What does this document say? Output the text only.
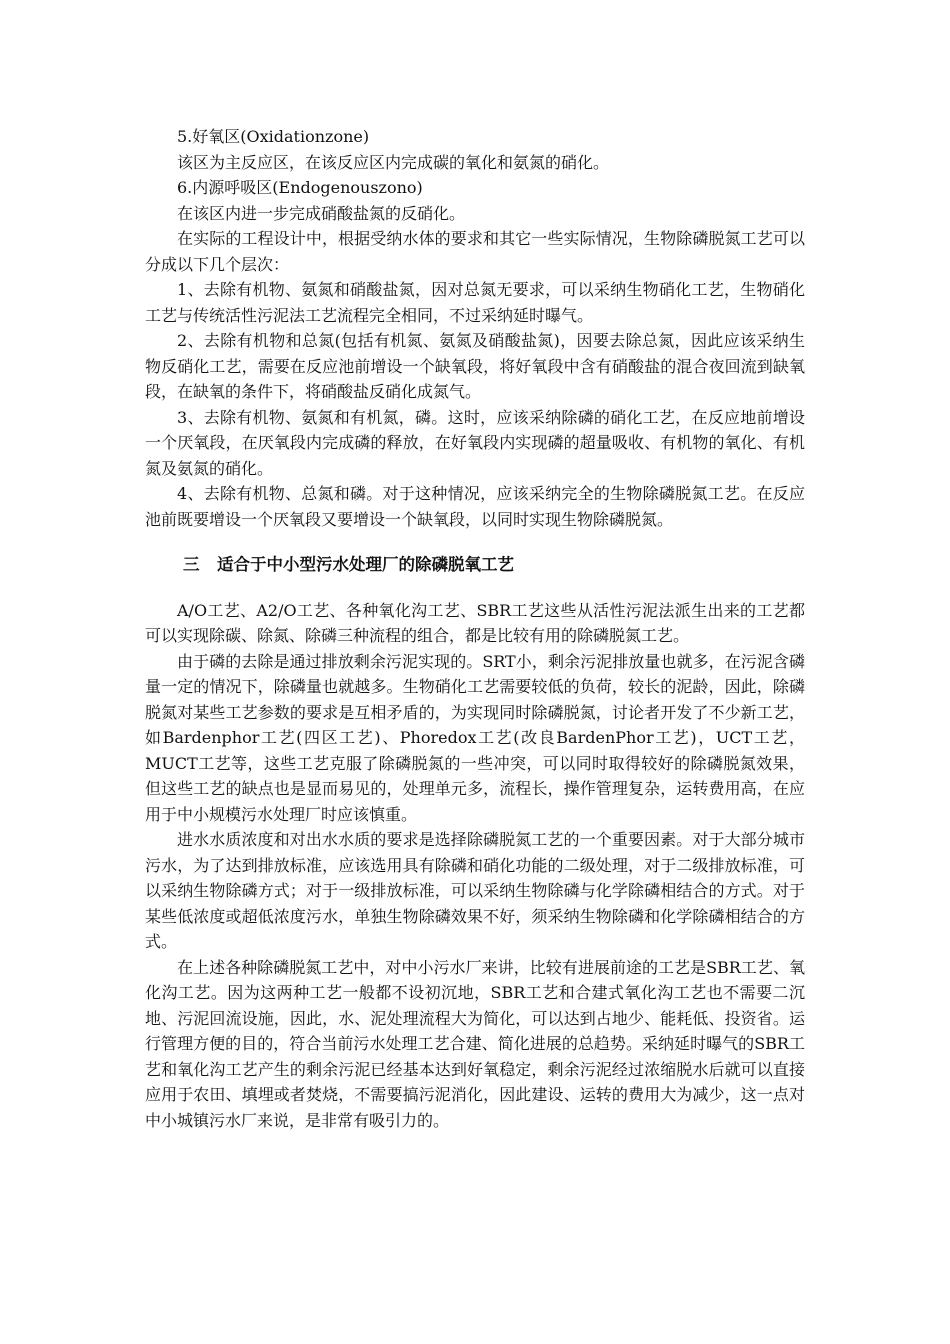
5.好氧区(Oxidationzone)

该区为主反应区，在该反应区内完成碳的氧化和氨氮的硝化。

6.内源呼吸区(Endogenouszono)

在该区内进一步完成硝酸盐氮的反硝化。

在实际的工程设计中，根据受纳水体的要求和其它一些实际情况，生物除磷脱氮工艺可以分成以下几个层次：

1、去除有机物、氨氮和硝酸盐氮，因对总氮无要求，可以采纳生物硝化工艺，生物硝化工艺与传统活性污泥法工艺流程完全相同，不过采纳延时曝气。

2、去除有机物和总氮(包括有机氮、氨氮及硝酸盐氮)，因要去除总氮，因此应该采纳生物反硝化工艺，需要在反应池前增设一个缺氧段，将好氧段中含有硝酸盐的混合夜回流到缺氧段，在缺氧的条件下，将硝酸盐反硝化成氮气。

3、去除有机物、氨氮和有机氮，磷。这时，应该采纳除磷的硝化工艺，在反应地前增设一个厌氧段，在厌氧段内完成磷的释放，在好氧段内实现磷的超量吸收、有机物的氧化、有机氮及氨氮的硝化。

4、去除有机物、总氮和磷。对于这种情况，应该采纳完全的生物除磷脱氮工艺。在反应池前既要增设一个厌氧段又要增设一个缺氧段，以同时实现生物除磷脱氮。

三 适合于中小型污水处理厂的除磷脱氧工艺

A/O工艺、A2/O工艺、各种氧化沟工艺、SBR工艺这些从活性污泥法派生出来的工艺都可以实现除碳、除氮、除磷三种流程的组合，都是比较有用的除磷脱氮工艺。

由于磷的去除是通过排放剩余污泥实现的。SRT小，剩余污泥排放量也就多，在污泥含磷量一定的情况下，除磷量也就越多。生物硝化工艺需要较低的负荷，较长的泥龄，因此，除磷脱氮对某些工艺参数的要求是互相矛盾的，为实现同时除磷脱氮，讨论者开发了不少新工艺，如Bardenphor工艺(四区工艺)、Phoredox工艺(改良BardenPhor工艺)，UCT工艺，MUCT工艺等，这些工艺克服了除磷脱氮的一些冲突，可以同时取得较好的除磷脱氮效果，但这些工艺的缺点也是显而易见的，处理单元多，流程长，操作管理复杂，运转费用高，在应用于中小规模污水处理厂时应该慎重。

进水水质浓度和对出水水质的要求是选择除磷脱氮工艺的一个重要因素。对于大部分城市污水，为了达到排放标准，应该选用具有除磷和硝化功能的二级处理，对于二级排放标准，可以采纳生物除磷方式；对于一级排放标准，可以采纳生物除磷与化学除磷相结合的方式。对于某些低浓度或超低浓度污水，单独生物除磷效果不好，须采纳生物除磷和化学除磷相结合的方式。

在上述各种除磷脱氮工艺中，对中小污水厂来讲，比较有进展前途的工艺是SBR工艺、氧化沟工艺。因为这两种工艺一般都不设初沉地，SBR工艺和合建式氧化沟工艺也不需要二沉地、污泥回流设施，因此，水、泥处理流程大为简化，可以达到占地少、能耗低、投资省。运行管理方便的目的，符合当前污水处理工艺合建、简化进展的总趋势。采纳延时曝气的SBR工艺和氧化沟工艺产生的剩余污泥已经基本达到好氧稳定，剩余污泥经过浓缩脱水后就可以直接应用于农田、填埋或者焚烧，不需要搞污泥消化，因此建设、运转的费用大为减少，这一点对中小城镇污水厂来说，是非常有吸引力的。
